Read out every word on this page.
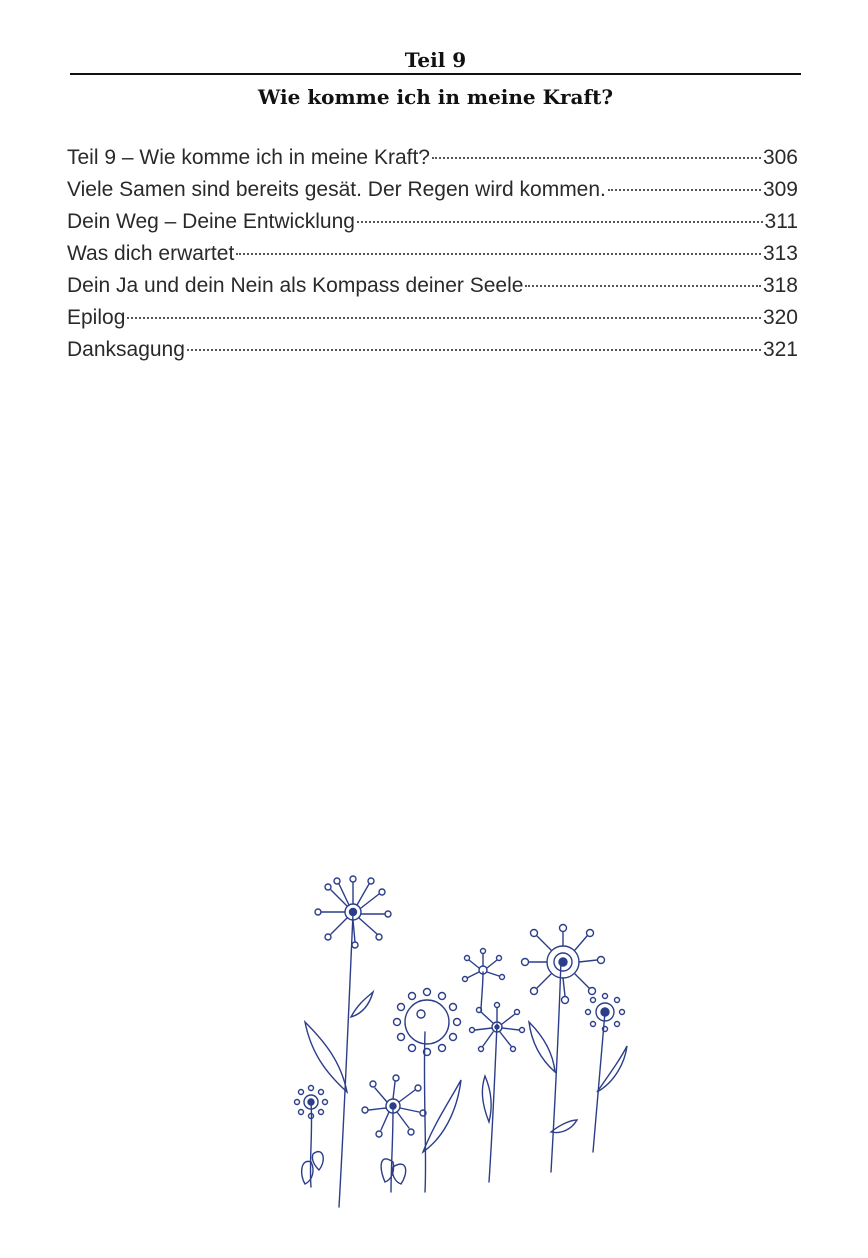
Teil 9
Wie komme ich in meine Kraft?
Teil 9 – Wie komme ich in meine Kraft?	306
Viele Samen sind bereits gesät. Der Regen wird kommen.	309
Dein Weg – Deine Entwicklung	311
Was dich erwartet	313
Dein Ja und dein Nein als Kompass deiner Seele	318
Epilog	320
Danksagung	321
